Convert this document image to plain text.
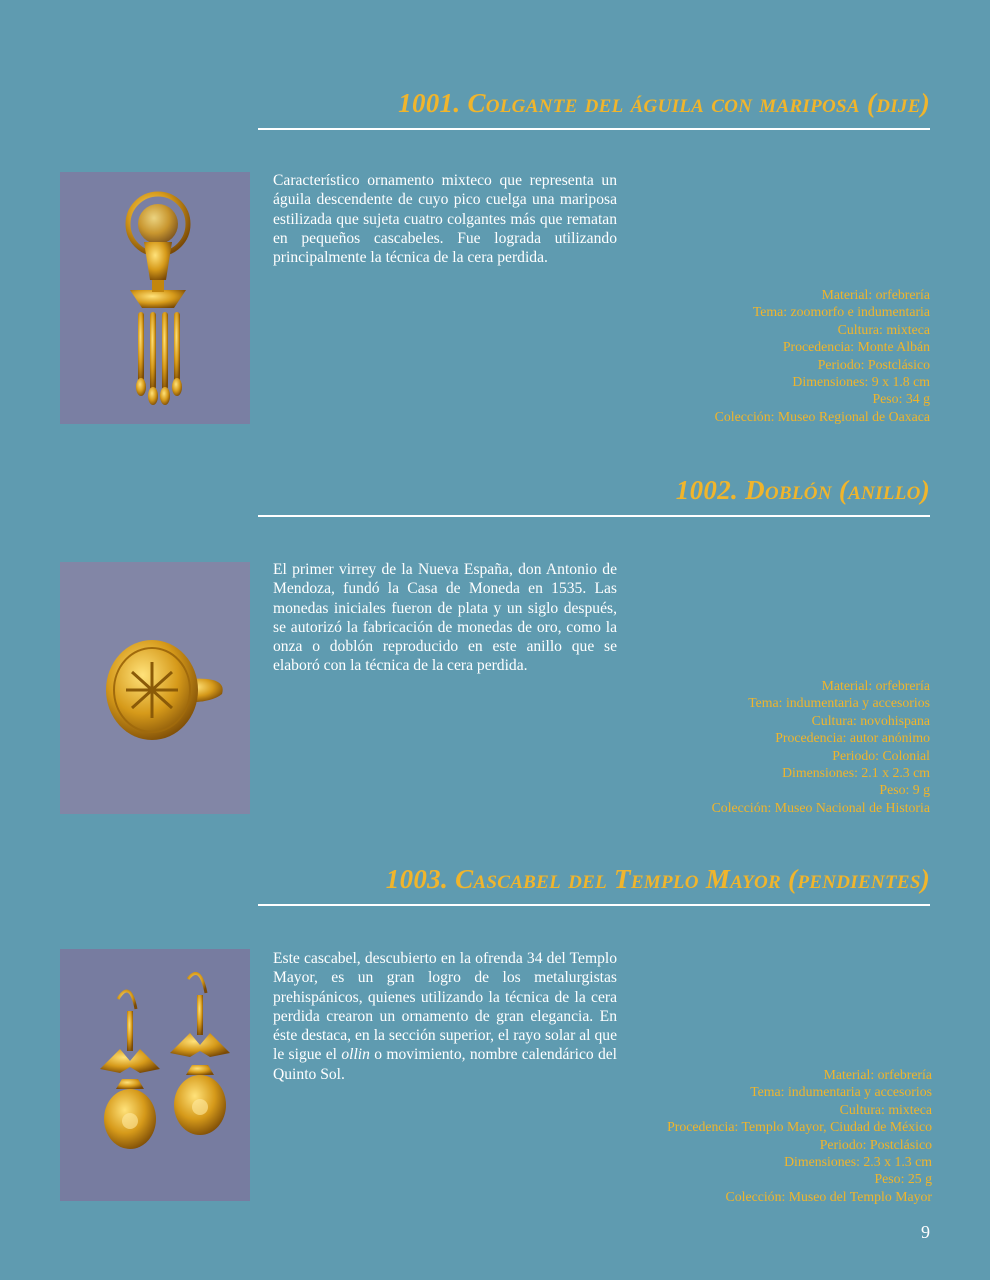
1001. Colgante del águila con mariposa (dije)

Característico ornamento mixteco que representa un águila descendente de cuyo pico cuelga una mariposa estilizada que sujeta cuatro colgantes más que rematan en pequeños cascabeles. Fue lograda utilizando principalmente la técnica de la cera perdida.

Material: orfebrería
Tema: zoomorfo e indumentaria
Cultura: mixteca
Procedencia: Monte Albán
Periodo: Postclásico
Dimensiones: 9 x 1.8 cm
Peso: 34 g
Colección: Museo Regional de Oaxaca
1002. Doblón (anillo)

El primer virrey de la Nueva España, don Antonio de Mendoza, fundó la Casa de Moneda en 1535. Las monedas iniciales fueron de plata y un siglo después, se autorizó la fabricación de monedas de oro, como la onza o doblón reproducido en este anillo que se elaboró con la técnica de la cera perdida.

Material: orfebrería
Tema: indumentaria y accesorios
Cultura: novohispana
Procedencia: autor anónimo
Periodo: Colonial
Dimensiones: 2.1 x 2.3 cm
Peso: 9 g
Colección: Museo Nacional de Historia
1003. Cascabel del Templo Mayor (pendientes)

Este cascabel, descubierto en la ofrenda 34 del Templo Mayor, es un gran logro de los metalurgistas prehispánicos, quienes utilizando la técnica de la cera perdida crearon un ornamento de gran elegancia. En éste destaca, en la sección superior, el rayo solar al que le sigue el ollin o movimiento, nombre calendárico del Quinto Sol.	Material: orfebrería
Tema: indumentaria y accesorios
Cultura: mixteca
Procedencia: Templo Mayor, Ciudad de México
Periodo: Postclásico
Dimensiones: 2.3 x 1.3 cm
Peso: 25 g
Colección: Museo del Templo Mayor
9
